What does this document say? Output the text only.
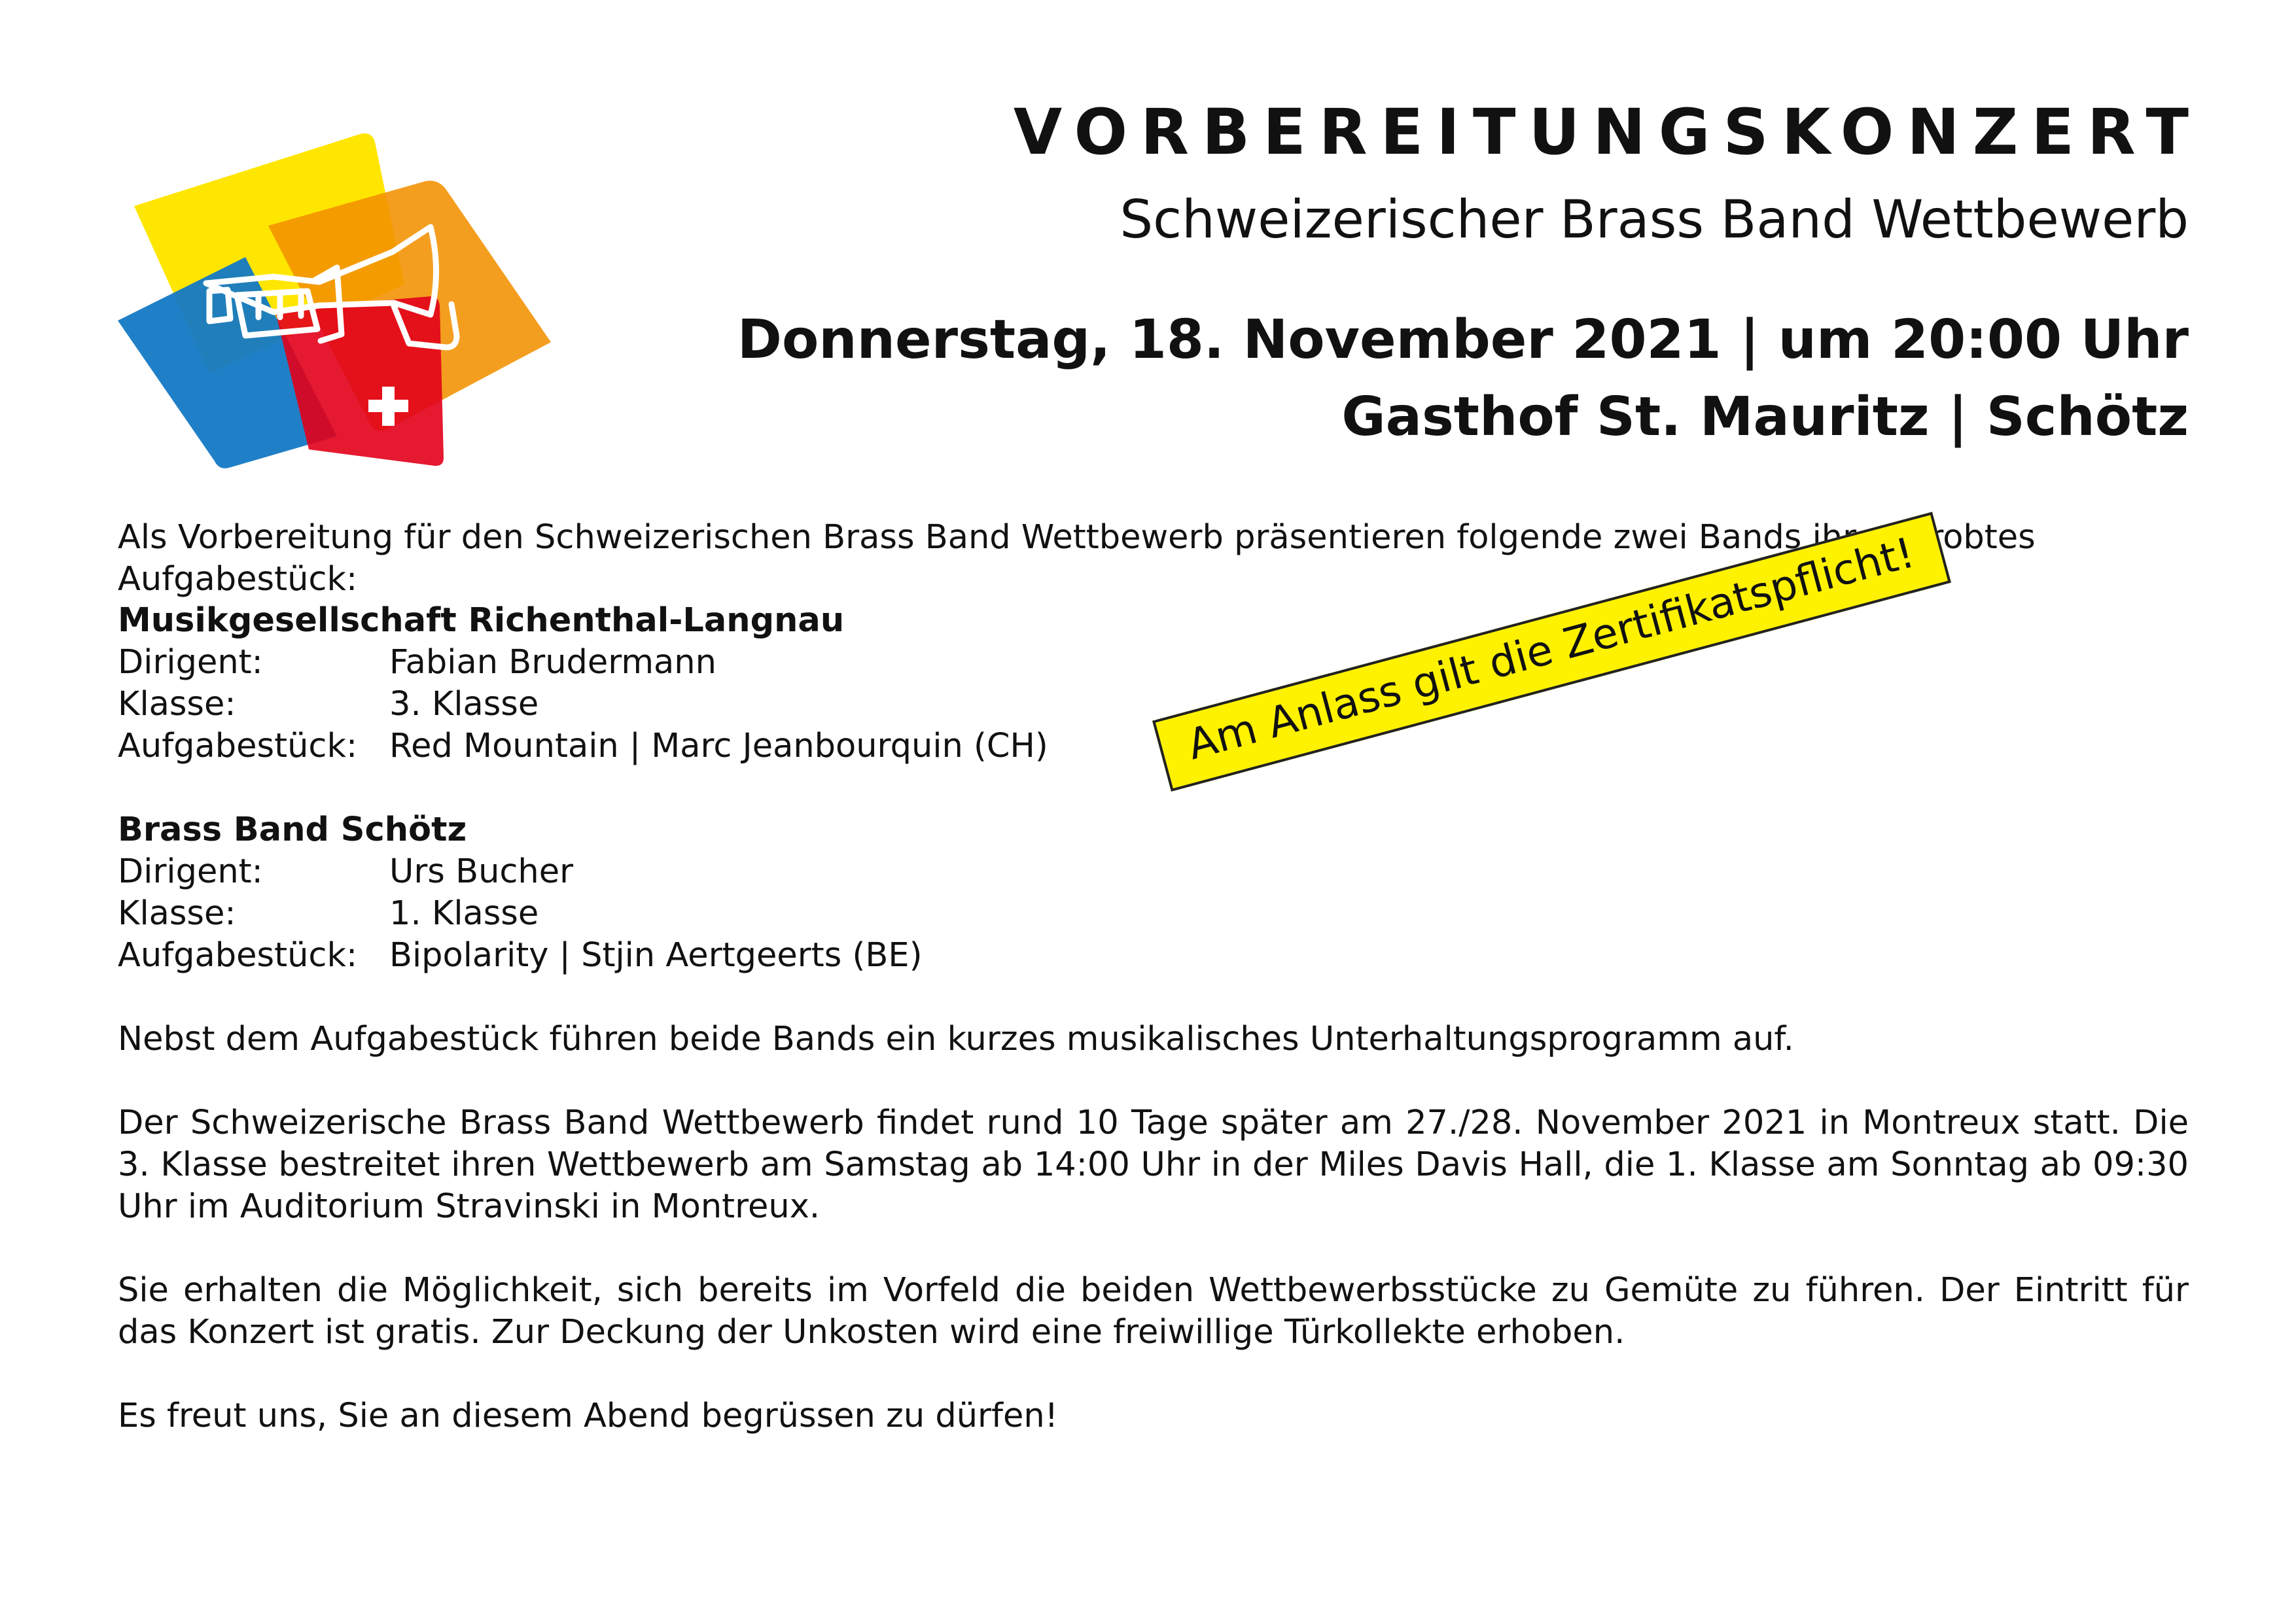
VORBEREITUNGSKONZERT
Schweizerischer Brass Band Wettbewerb
Donnerstag, 18. November 2021 | um 20:00 Uhr
Gasthof St. Mauritz | Schötz
Als Vorbereitung für den Schweizerischen Brass Band Wettbewerb präsentieren folgende zwei Bands ihr geprobtes Aufgabestück:
Musikgesellschaft Richenthal-Langnau
Dirigent:	Fabian Brudermann
Klasse:	3. Klasse
Aufgabestück: Red Mountain | Marc Jeanbourquin (CH)
Brass Band Schötz
Dirigent:	Urs Bucher
Klasse:	1. Klasse
Aufgabestück: Bipolarity | Stjin Aertgeerts (BE)
Am Anlass gilt die Zertifikatspflicht!
Nebst dem Aufgabestück führen beide Bands ein kurzes musikalisches Unterhaltungsprogramm auf.
Der Schweizerische Brass Band Wettbewerb findet rund 10 Tage später am 27./28. November 2021 in Montreux statt. Die 3. Klasse bestreitet ihren Wettbewerb am Samstag ab 14:00 Uhr in der Miles Davis Hall, die 1. Klasse am Sonntag ab 09:30 Uhr im Auditorium Stravinski in Montreux.
Sie erhalten die Möglichkeit, sich bereits im Vorfeld die beiden Wettbewerbsstücke zu Gemüte zu führen. Der Eintritt für das Konzert ist gratis. Zur Deckung der Unkosten wird eine freiwillige Türkollekte erhoben.
Es freut uns, Sie an diesem Abend begrüssen zu dürfen!
